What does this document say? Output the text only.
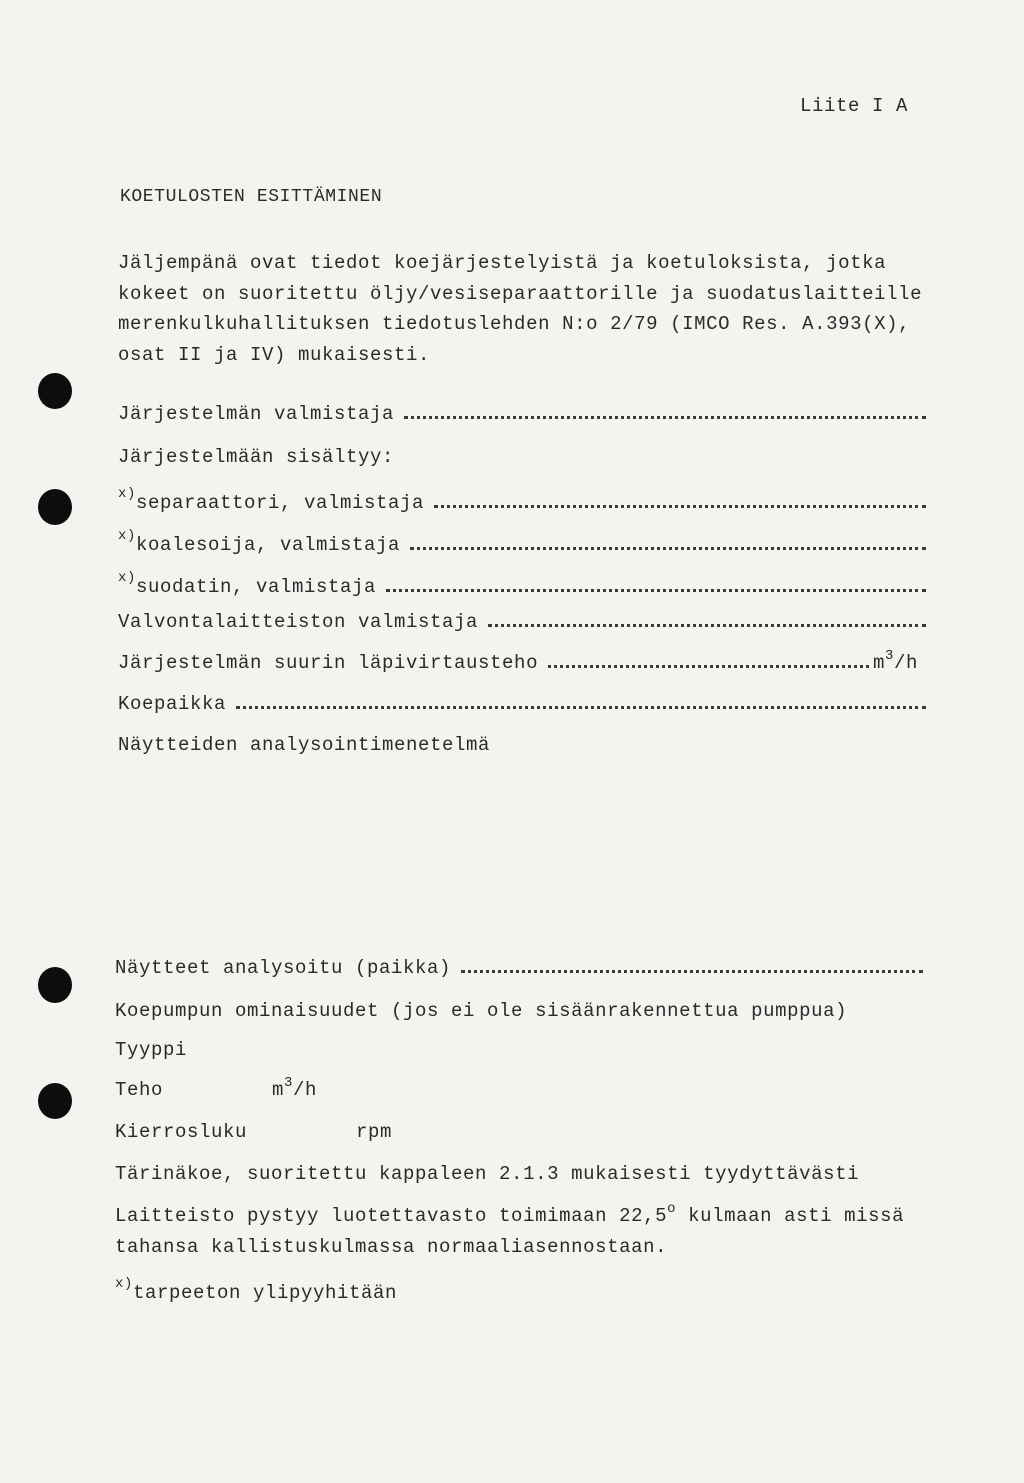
Liite I A
KOETULOSTEN ESITTÄMINEN
Jäljempänä ovat tiedot koejärjestelyistä ja koetuloksista, jotka
kokeet on suoritettu öljy/vesiseparaattorille ja suodatuslaitteille
merenkulkuhallituksen tiedotuslehden N:o 2/79 (IMCO Res. A.393(X),
osat II ja IV) mukaisesti.
Järjestelmän valmistaja
Järjestelmään sisältyy:
$^{x)}$separaattori, valmistaja
$^{x)}$koalesoija, valmistaja
$^{x)}$suodatin, valmistaja
Valvontalaitteiston valmistaja
Järjestelmän suurin läpivirtausteho	$m^3/h$
Koepaikka
Näytteiden analysointimenetelmä
Näytteet analysoitu (paikka)
Koepumpun ominaisuudet (jos ei ole sisäänrakennettua pumppua)
Tyyppi
Teho	$m^3/h$
Kierrosluku	rpm
Tärinäkoe, suoritettu kappaleen 2.1.3 mukaisesti tyydyttävästi
Laitteisto pystyy luotettavasto toimimaan 22,5$^o$ kulmaan asti missä
tahansa kallistuskulmassa normaaliasennostaan.
$^{x)}$tarpeeton ylipyyhitään
